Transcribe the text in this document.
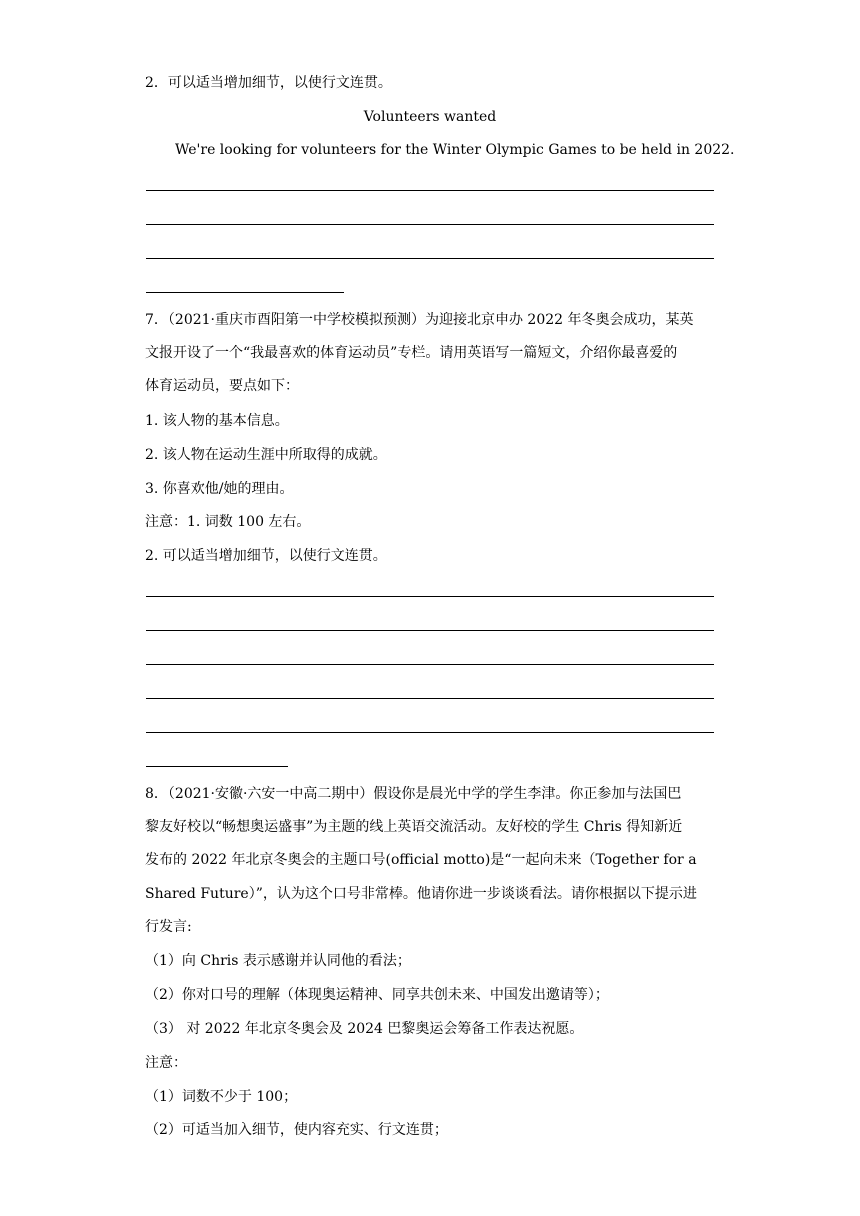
2．可以适当增加细节，以使行文连贯。
Volunteers wanted
We're looking for volunteers for the Winter Olympic Games to be held in 2022.
7．（2021·重庆市酉阳第一中学校模拟预测）为迎接北京申办 2022 年冬奥会成功，某英
文报开设了一个“我最喜欢的体育运动员”专栏。请用英语写一篇短文，介绍你最喜爱的
体育运动员，要点如下：
1. 该人物的基本信息。
2. 该人物在运动生涯中所取得的成就。
3. 你喜欢他/她的理由。
注意：1. 词数 100 左右。
2. 可以适当增加细节，以使行文连贯。
8．（2021·安徽·六安一中高二期中）假设你是晨光中学的学生李津。你正参加与法国巴
黎友好校以“畅想奥运盛事”为主题的线上英语交流活动。友好校的学生 Chris 得知新近
发布的 2022 年北京冬奥会的主题口号(official motto)是“一起向未来（Together for a
Shared Future）”，认为这个口号非常棒。他请你进一步谈谈看法。请你根据以下提示进
行发言:
（1）向 Chris 表示感谢并认同他的看法；
（2）你对口号的理解（体现奥运精神、同享共创未来、中国发出邀请等）；
（3） 对 2022 年北京冬奥会及 2024 巴黎奥运会筹备工作表达祝愿。
注意：
（1）词数不少于 100；
（2）可适当加入细节，使内容充实、行文连贯；
